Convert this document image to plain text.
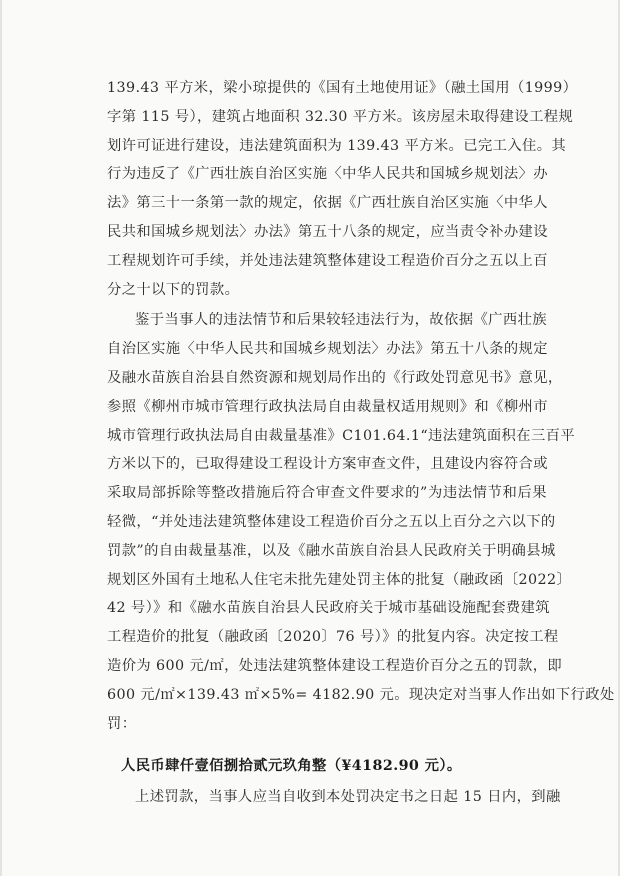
139.43 平方米，梁小琼提供的《国有土地使用证》（融土国用（1999）
字第 115 号），建筑占地面积 32.30 平方米。该房屋未取得建设工程规
划许可证进行建设，违法建筑面积为 139.43 平方米。已完工入住。其
行为违反了《广西壮族自治区实施〈中华人民共和国城乡规划法〉办
法》第三十一条第一款的规定，依据《广西壮族自治区实施〈中华人
民共和国城乡规划法〉办法》第五十八条的规定，应当责令补办建设
工程规划许可手续，并处违法建筑整体建设工程造价百分之五以上百
分之十以下的罚款。
鉴于当事人的违法情节和后果较轻违法行为，故依据《广西壮族
自治区实施〈中华人民共和国城乡规划法〉办法》第五十八条的规定
及融水苗族自治县自然资源和规划局作出的《行政处罚意见书》意见，
参照《柳州市城市管理行政执法局自由裁量权适用规则》和《柳州市
城市管理行政执法局自由裁量基准》C101.64.1“违法建筑面积在三百平
方米以下的，已取得建设工程设计方案审查文件，且建设内容符合或
采取局部拆除等整改措施后符合审查文件要求的”为违法情节和后果
轻微，“并处违法建筑整体建设工程造价百分之五以上百分之六以下的
罚款”的自由裁量基准，以及《融水苗族自治县人民政府关于明确县城
规划区外国有土地私人住宅未批先建处罚主体的批复（融政函〔2022〕
42 号）》和《融水苗族自治县人民政府关于城市基础设施配套费建筑
工程造价的批复（融政函〔2020〕76 号）》的批复内容。决定按工程
造价为 600 元/㎡，处违法建筑整体建设工程造价百分之五的罚款，即
600 元/㎡×139.43 ㎡×5%= 4182.90 元。现决定对当事人作出如下行政处
罚：
人民币肆仟壹佰捌拾贰元玖角整（¥4182.90 元）。
上述罚款，当事人应当自收到本处罚决定书之日起 15 日内，到融
